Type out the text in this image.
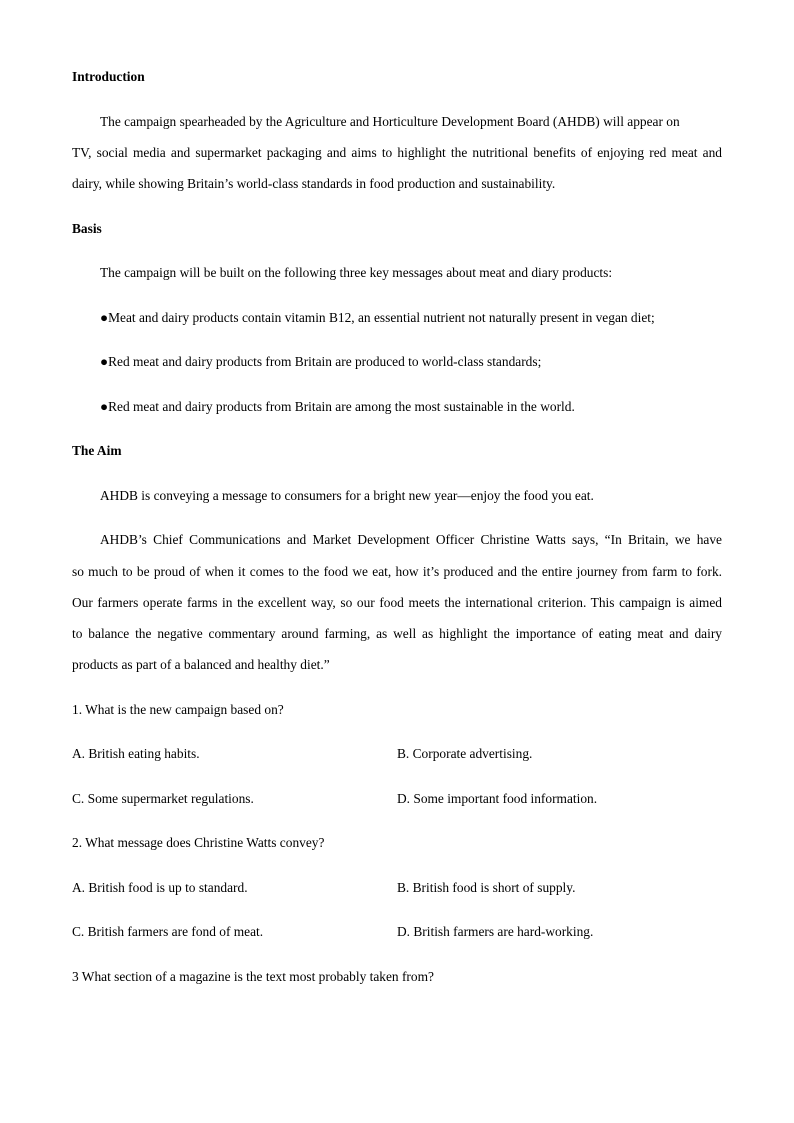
Introduction
The campaign spearheaded by the Agriculture and Horticulture Development Board (AHDB) will appear on
TV, social media and supermarket packaging and aims to highlight the nutritional benefits of enjoying red meat and
dairy, while showing Britain’s world-class standards in food production and sustainability.
Basis
The campaign will be built on the following three key messages about meat and diary products:
●Meat and dairy products contain vitamin B12, an essential nutrient not naturally present in vegan diet;
●Red meat and dairy products from Britain are produced to world-class standards;
●Red meat and dairy products from Britain are among the most sustainable in the world.
The Aim
AHDB is conveying a message to consumers for a bright new year—enjoy the food you eat.
AHDB’s Chief Communications and Market Development Officer Christine Watts says, “In Britain, we have
so much to be proud of when it comes to the food we eat, how it’s produced and the entire journey from farm to fork.
Our farmers operate farms in the excellent way, so our food meets the international criterion. This campaign is aimed
to balance the negative commentary around farming, as well as highlight the importance of eating meat and dairy
products as part of a balanced and healthy diet.”
1. What is the new campaign based on?
A. British eating habits.	B. Corporate advertising.
C. Some supermarket regulations.	D. Some important food information.
2. What message does Christine Watts convey?
A. British food is up to standard.	B. British food is short of supply.
C. British farmers are fond of meat.	D. British farmers are hard-working.
3 What section of a magazine is the text most probably taken from?
